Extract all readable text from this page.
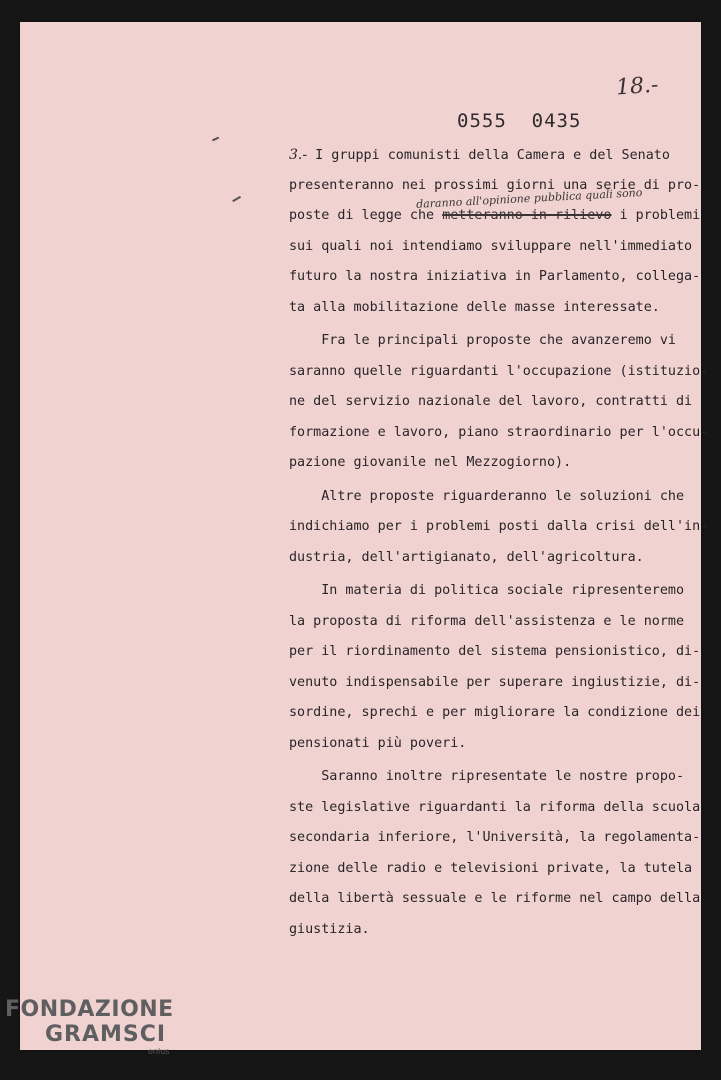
18.-
0555  0435
daranno all'opinione pubblica quali sono
3.- I gruppi comunisti della Camera e del Senato
presenteranno nei prossimi giorni una serie di pro-
poste di legge che metteranno in rilievo i problemi
sui quali noi intendiamo sviluppare nell'immediato
futuro la nostra iniziativa in Parlamento, collega-
ta alla mobilitazione delle masse interessate.
Fra le principali proposte che avanzeremo vi
saranno quelle riguardanti l'occupazione (istituzio-
ne del servizio nazionale del lavoro, contratti di
formazione e lavoro, piano straordinario per l'occu-
pazione giovanile nel Mezzogiorno).
Altre proposte riguarderanno le soluzioni che
indichiamo per i problemi posti dalla crisi dell'in-
dustria, dell'artigianato, dell'agricoltura.
In materia di politica sociale ripresenteremo
la proposta di riforma dell'assistenza e le norme
per il riordinamento del sistema pensionistico, di-
venuto indispensabile per superare ingiustizie, di-
sordine, sprechi e per migliorare la condizione dei
pensionati più poveri.
Saranno inoltre ripresentate le nostre propo-
ste legislative riguardanti la riforma della scuola
secondaria inferiore, l'Università, la regolamenta-
zione delle radio e televisioni private, la tutela
della libertà sessuale e le riforme nel campo della
giustizia.
FONDAZIONE
GRAMSCI
onlus
